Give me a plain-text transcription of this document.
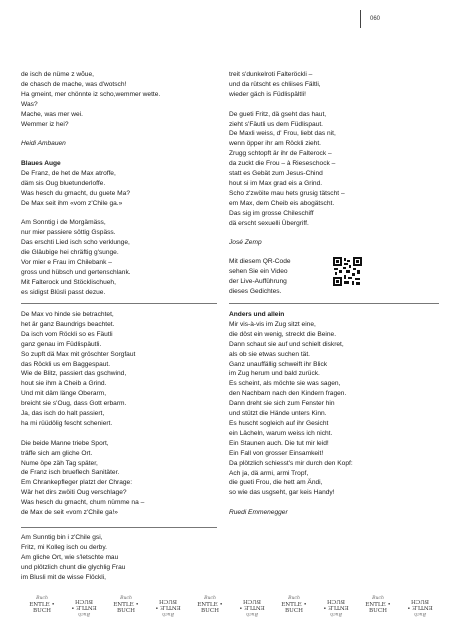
060
de isch de nüme z wõue,
de chasch de mache, was d'wotsch!
Ha gmeint, mer chönnte iz scho,wemmer wette.
Was?
Mache, was mer wei.
Wemmer iz hei?
Heidi Ambauen
Blaues Auge
De Franz, de het de Max atroffe,
däm sis Oug bluetunderloffe.
Was hesch du gmacht, du guete Ma?
De Max seit ihm «vom z'Chile ga.»
Am Sonntig i de Morgämäss,
nur mier passiere söttig Gspäss.
Das erschti Lied isch scho verklunge,
die Gläubige hei chräftig g'sunge.
Vor mier e Frau im Chilebank –
gross und hübsch und gertenschlank.
Mit Falterock und Stöcklischueh,
es sidigst Blüsli passt dezue.
De Max vo hinde sie betrachtet,
het är ganz Baundrigs beachtet.
Da isch vom Röckli so es Fäutli
ganz genau im Füdlispäutli.
So zupft dä Max mit gröschter Sorgfaut
das Röckli us em Baggespaut.
Wie de Blitz, passiert das gschwind,
hout sie ihm à Cheib a Grind.
Und mit däm länge Oberarm,
breicht sie s'Oug, dass Gott erbarm.
Ja, das isch do halt passiert,
ha mi rüüdölig fescht scheniert.
Die beide Manne triebe Sport,
träffe sich am gliche Ort.
Nume öpe zäh Tag später,
de Franz isch brueflech Sanitäter.
Em Chrankepfleger platzt der Chrage:
Wär het dirs zwöiti Oug verschlage?
Was hesch du gmacht, chum nümme na –
de Max de seit «vom z'Chile ga!»
Am Sunntig bin i z'Chile gsi,
Fritz, mi Kolleg isch ou derby.
Am gliche Ort, wie s'letschte mau
und plötzlich chunt die glychlig Frau
im Blusli mit de wisse Flöckli,
treit s'dunkelroti Falteröckli –
und da rütscht es chliises Fältli,
wieder gäch is Füdlispältli!
De gueti Fritz, dä gseht das haut,
zieht s'Fäutli us dem Füdlispaut.
De Maxli weiss, d' Frou, liebt das nit,
wenn öpper ihr am Röckli zieht.
Zrugg schtopft är ihr de Falterock –
da zuckt die Frou – à Rieseschock –
statt es Gebät zum Jesus-Chind
hout si im Max grad eis a Grind.
Scho z'zwöite mau hets grusig tätscht –
em Max, dem Cheib eis abogätscht.
Das sig im grosse Chileschiff
dä erscht sexuelli Übergriff.
José Zemp
Mit diesem QR-Code
sehen Sie ein Video
der Live-Aufführung
dieses Gedichtes.
Anders und allein
Mir vis-à-vis im Zug sitzt eine,
die döst ein wenig, streckt die Beine.
Dann schaut sie auf und schielt diskret,
als ob sie etwas suchen tät.
Ganz unauffällig schweift ihr Blick
im Zug herum und bald zurück.
Es scheint, als möchte sie was sagen,
den Nachbarn nach den Kindern fragen.
Dann dreht sie sich zum Fenster hin
und stützt die Hände unters Kinn.
Es huscht sogleich auf ihr Gesicht
ein Lächeln, warum weiss ich nicht.
Ein Staunen auch. Die tut mir leid!
Ein Fall von grosser Einsamkeit!
Da plötzlich schiesst's mir durch den Kopf:
Ach ja, dä armi, armi Tropf,
die gueti Frou, die hett am Ändi,
so wie das usgseht, gar keis Handy!
Ruedi Emmenegger
Buch
ENTLE • BUCH	Buch
ENTLE • BUCH	Buch
ENTLE • BUCH	Buch
ENTLE • BUCH	Buch
ENTLE • BUCH	Buch
ENTLE • BUCH	Buch
ENTLE • BUCH	Buch
ENTLE • BUCH	Buch
ENTLE • BUCH	Buch
ENTLE • BUCH
